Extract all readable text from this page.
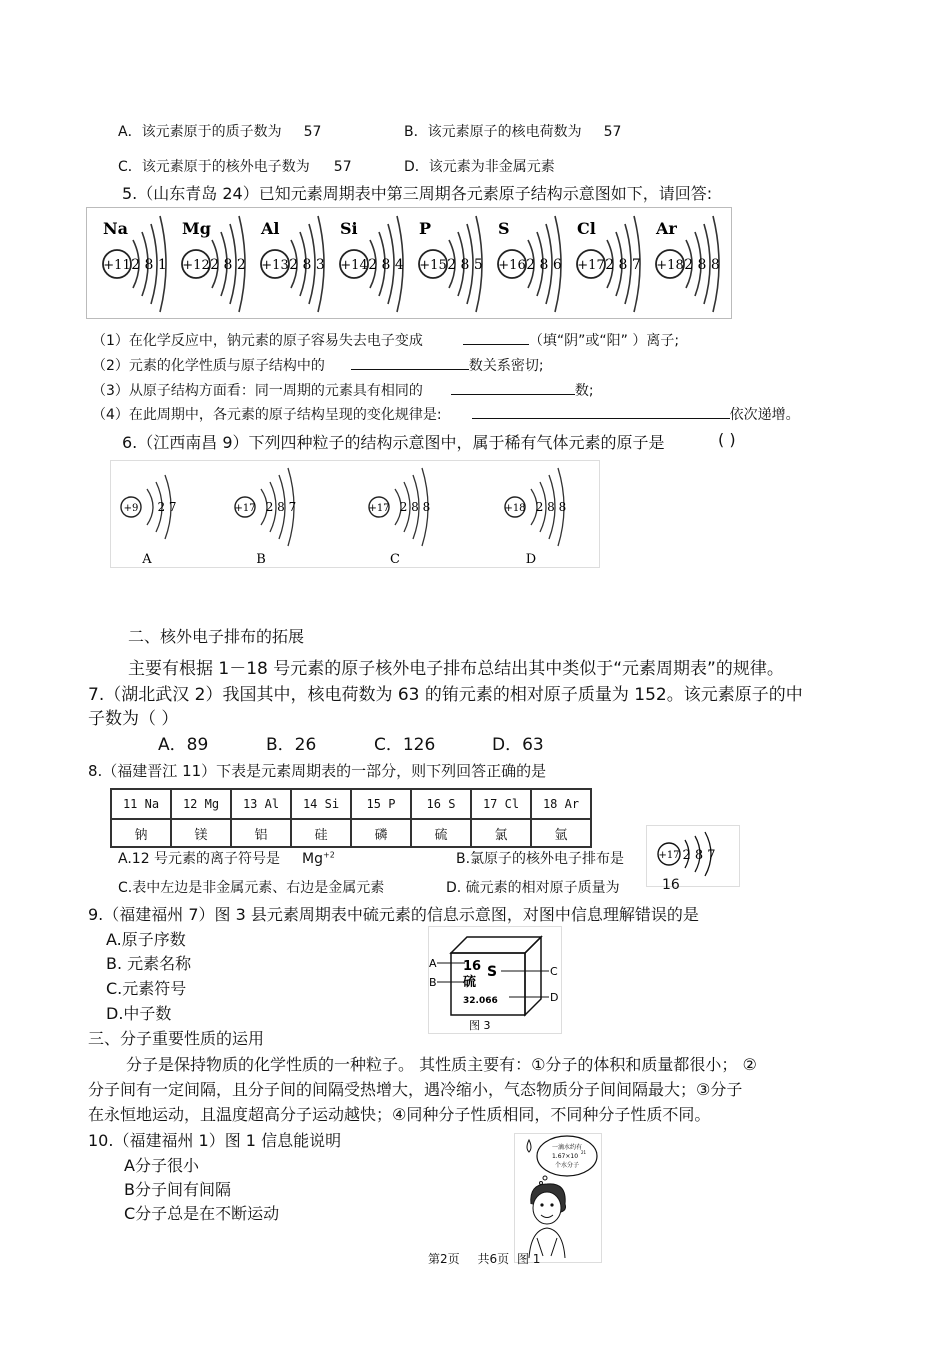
A．该元素原于的质子数为 57	B．该元素原子的核电荷数为 57
C．该元素原于的核外电子数为 57	D．该元素为非金属元素
5.（山东青岛 24）已知元素周期表中第三周期各元素原子结构示意图如下，请回答:
Na
+11 2 8 1
Mg
+12 2 8 2
Al
+13 2 8 3
Si
+14 2 8 4
P
+15 2 8 5
S
+16 2 8 6
Cl
+17 2 8 7
Ar
+18 2 8 8
（1）在化学反应中，钠元素的原子容易失去电子变成	（填“阴”或“阳” ）离子;
（2）元素的化学性质与原子结构中的	数关系密切;
（3）从原子结构方面看：同一周期的元素具有相同的	数;
（4）在此周期中，各元素的原子结构呈现的变化规律是:	依次递增。
6.（江西南昌 9）下列四种粒子的结构示意图中，属于稀有气体元素的原子是	( )
+9 2 7
A
+17 2 8 7
B
+17 2 8 8
C
+18 2 8 8
D
二、核外电子排布的拓展
主要有根据 1－18 号元素的原子核外电子排布总结出其中类似于“元素周期表”的规律。
7.（湖北武汉 2）我国其中，核电荷数为 63 的铕元素的相对原子质量为 152。该元素原子的中
子数为（ ）
A．89	B．26	C．126	D．63
8.（福建晋江 11）下表是元素周期表的一部分，则下列回答正确的是
11 Na	12 Mg	13 Al	14 Si	15 P	16 S	17 Cl	18 Ar
钠	镁	铝	硅	磷	硫	氯	氩
A.12 号元素的离子符号是 $Mg^{+2}$	B.氯原子的核外电子排布是	+17 2 8 7
C.表中左边是非金属元素、右边是金属元素	D. 硫元素的相对原子质量为	16
9.（福建福州 7）图 3 县元素周期表中硫元素的信息示意图，对图中信息理解错误的是
A.原子序数
B. 元素名称
C.元素符号
D.中子数
16 S
硫
32.066
A
B
C
D
图 3
三、分子重要性质的运用
分子是保持物质的化学性质的一种粒子。 其性质主要有：①分子的体积和质量都很小； ②
分子间有一定间隔，且分子间的间隔受热增大，遇冷缩小，气态物质分子间间隔最大；③分子
在永恒地运动，且温度超高分子运动越快；④同种分子性质相同，不同种分子性质不同。
10.（福建福州 1）图 1 信息能说明
A分子很小
B分子间有间隔
C分子总是在不断运动
一滴水约有
1.67×10
21
个水分子
第2页 共6页 图 1
